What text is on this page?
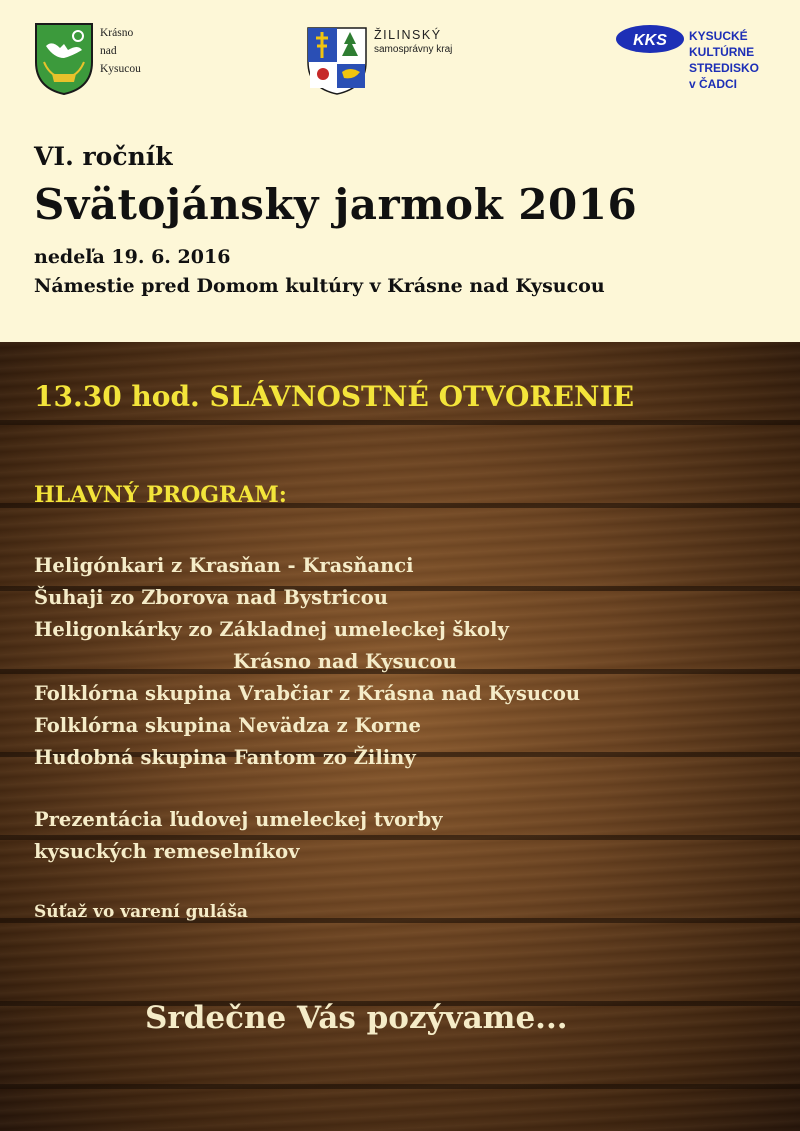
Krásno
nad
Kysucou
ŽILINSKÝ
samosprávny kraj
KKS KYSUCKÉ
KULTÚRNE
STREDISKO
v ČADCI
VI. ročník
Svätojánsky jarmok 2016
nedeľa 19. 6. 2016
Námestie pred Domom kultúry v Krásne nad Kysucou
13.30 hod. SLÁVNOSTNÉ OTVORENIE
HLAVNÝ PROGRAM:
Heligónkari z Krasňan - Krasňanci
Šuhaji zo Zborova nad Bystricou
Heligonkárky zo Základnej umeleckej školy
Krásno nad Kysucou
Folklórna skupina Vrabčiar z Krásna nad Kysucou
Folklórna skupina Nevädza z Korne
Hudobná skupina Fantom zo Žiliny
Prezentácia ľudovej umeleckej tvorby
kysuckých remeselníkov
Súťaž vo varení guláša
Srdečne Vás pozývame...
